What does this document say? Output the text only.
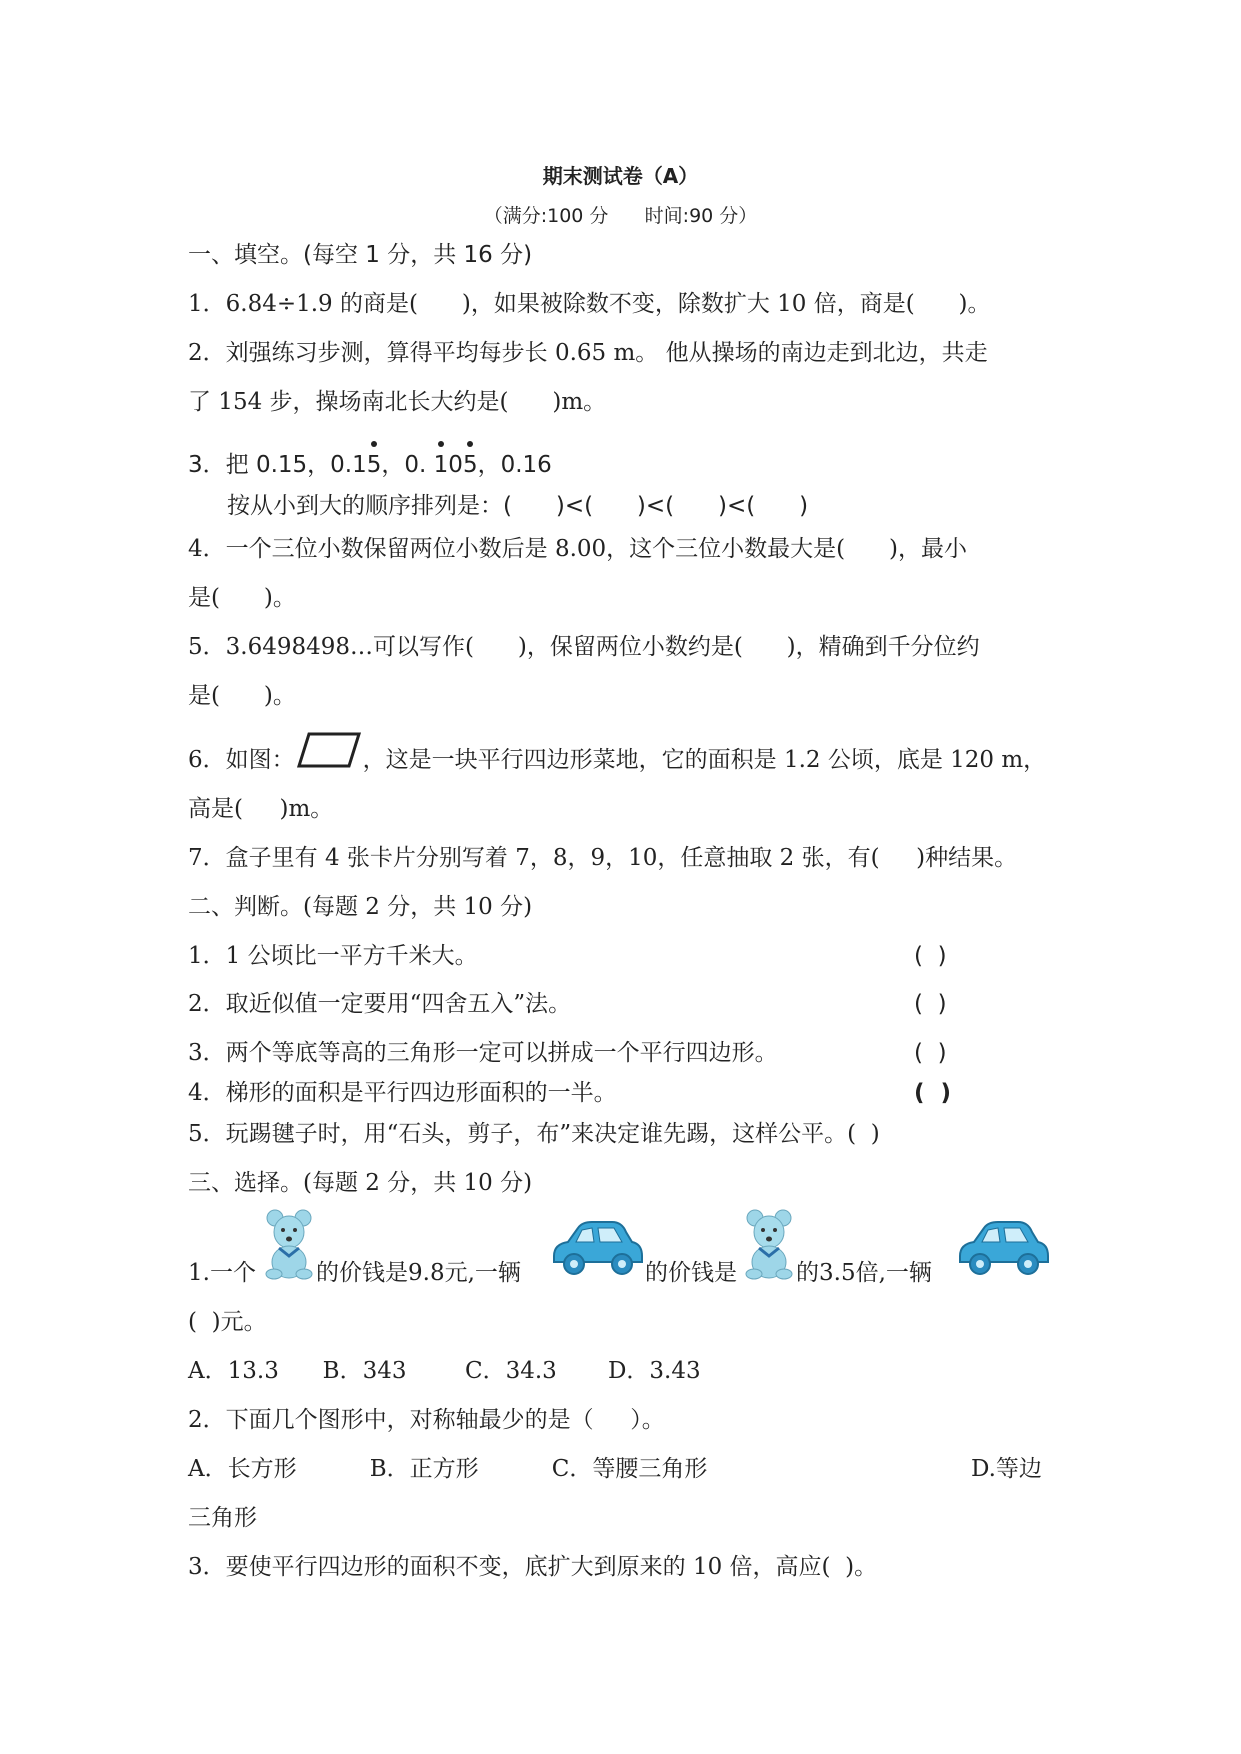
期末测试卷（A）
（满分:100 分      时间:90 分）
一、填空。(每空 1 分，共 16 分)
1．6.84÷1.9 的商是(      )，如果被除数不变，除数扩大 10 倍，商是(      )。
2．刘强练习步测，算得平均每步长 0.65 m。 他从操场的南边走到北边，共走
了 154 步，操场南北长大约是(      )m。
3．把 0.15，0.1
5，0.
10
5，0.16
按从小到大的顺序排列是：(      )<(      )<(      )<(      )
4．一个三位小数保留两位小数后是 8.00，这个三位小数最大是(      )，最小
是(      )。
5．3.6498498…可以写作(      )，保留两位小数约是(      )，精确到千分位约
是(      )。
6．如图：	，这是一块平行四边形菜地，它的面积是 1.2 公顷，底是 120 m，
高是(     )m。
7．盒子里有 4 张卡片分别写着 7，8，9，10，任意抽取 2 张，有(     )种结果。
二、判断。(每题 2 分，共 10 分)
1．1 公顷比一平方千米大。	(  )
2．取近似值一定要用“四舍五入”法。	(  )
3．两个等底等高的三角形一定可以拼成一个平行四边形。	(  )
4．梯形的面积是平行四边形面积的一半。	(  )
5．玩踢毽子时，用“石头，剪子，布”来决定谁先踢，这样公平。(  )
三、选择。(每题 2 分，共 10 分)
1.一个	的价钱是9.8元,一辆	的价钱是	的3.5倍,一辆
(  )元。
A．13.3      B．343        C．34.3       D．3.43
2．下面几个图形中，对称轴最少的是（     ）。
A．长方形          B．正方形          C．等腰三角形	D.等边
三角形
3．要使平行四边形的面积不变，底扩大到原来的 10 倍，高应(  )。
